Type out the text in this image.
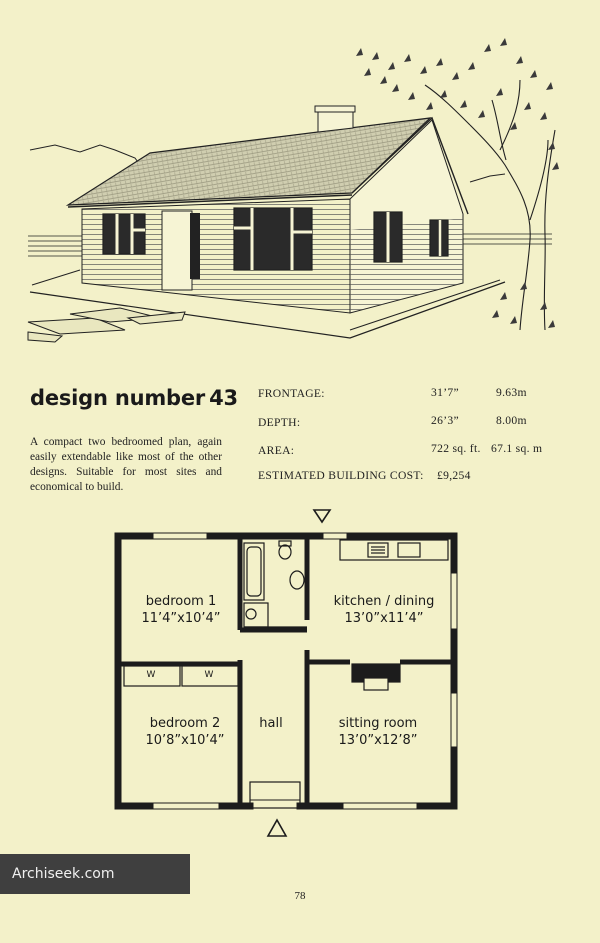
design number 43

A compact two bedroomed plan, again easily extendable like most of the other designs. Suitable for most sites and economical to build.

FRONTAGE:	31’7”	9.63m
DEPTH:	26’3”	8.00m
AREA:	722 sq. ft. 67.1 sq. m
ESTIMATED BUILDING COST: £9,254
bedroom 1
11’4”x10’4”
kitchen / dining
13’0”x11’4”
bedroom 2
10’8”x10’4”
hall	sitting room
13’0”x12’8”
W	W
Archiseek.com
78
